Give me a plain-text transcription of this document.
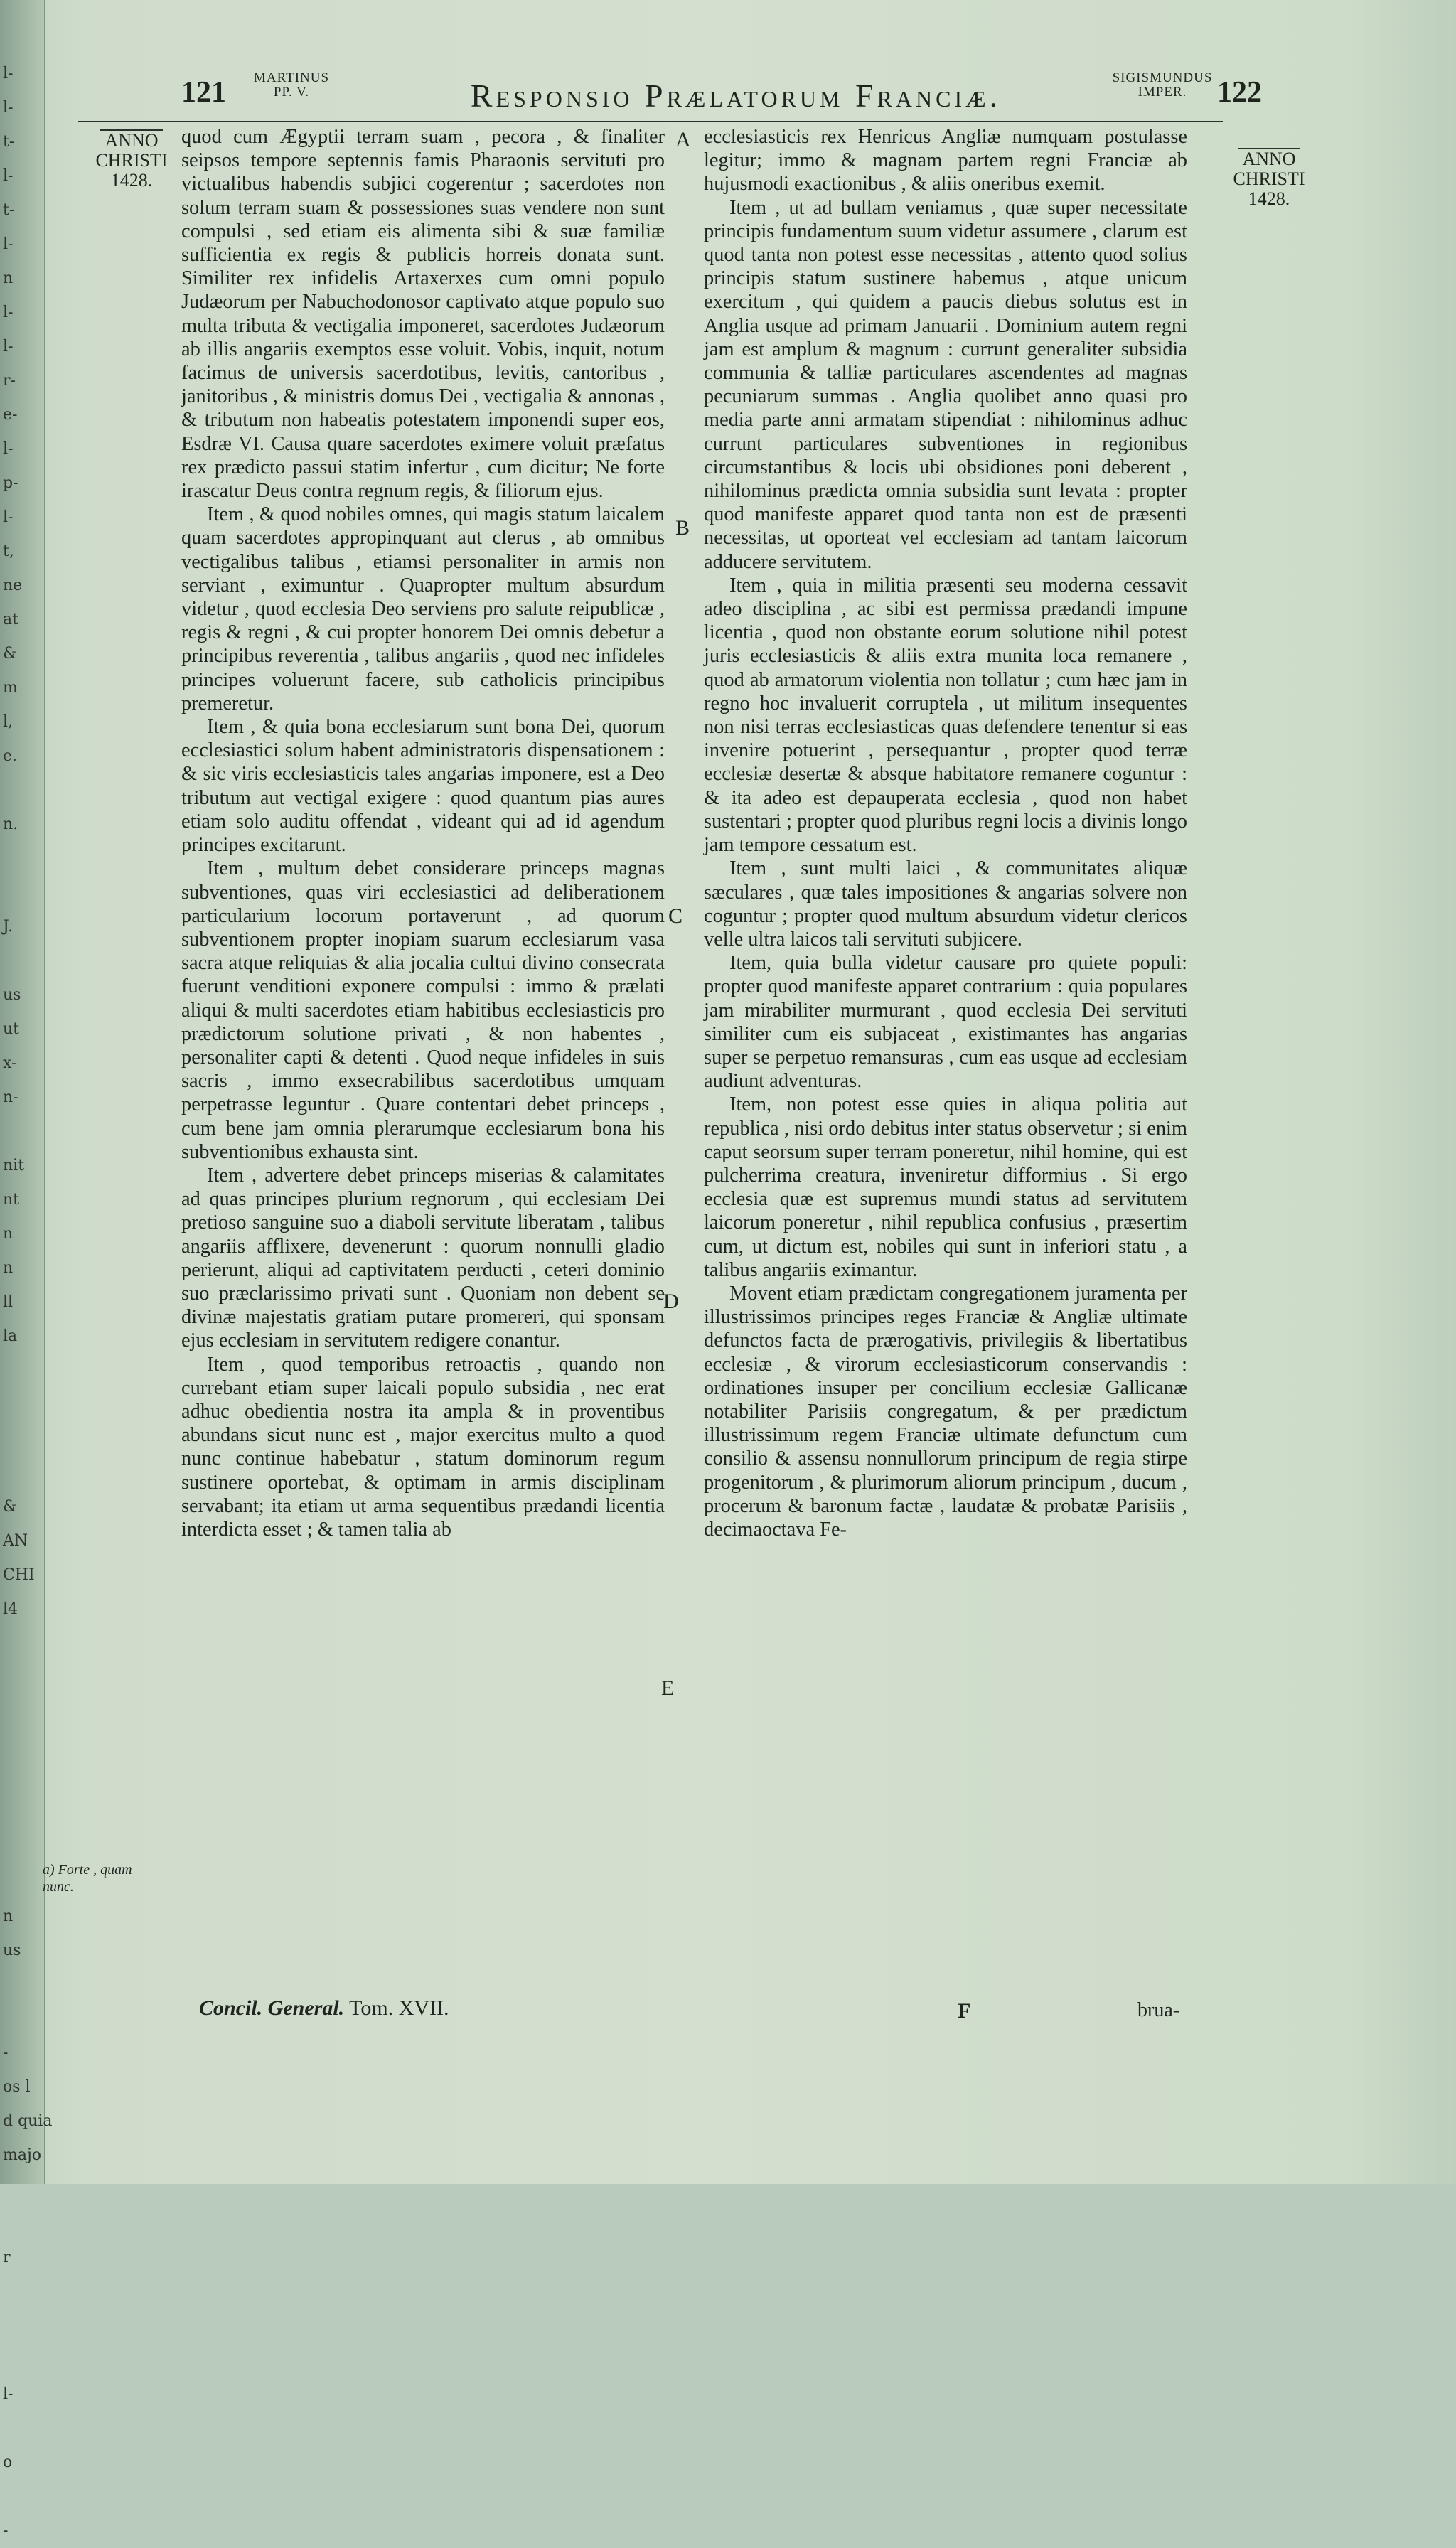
l-
l-
t-
l-
t-
l-
n
l-
l-
r-
e-
l-
p-
l-
t,
ne
at
&
m
l,
e.
n.
J.
us
ut
x-
n-
nit
nt
n
n
ll
la
&
AN
CHI
l4
n
us
-
os l
d quia
majo
r
l-
o
-
121 MARTINUS PP. V.	Responsio Prælatorum Franciæ.	SIGISMUNDUS IMPER.	122
ANNO
CHRISTI
1428.
ANNO
CHRISTI
1428.
a) Forte , quam nunc.
A
B
C
D
E

quod cum Ægyptii terram suam , pecora , & finaliter seipsos tempore septennis famis Pharaonis servituti pro victualibus habendis subjici cogerentur ; sacerdotes non solum terram suam & possessiones suas vendere non sunt compulsi , sed etiam eis alimenta sibi & suæ familiæ sufficientia ex regis & publicis horreis donata sunt. Similiter rex infidelis Artaxerxes cum omni populo Judæorum per Nabuchodonosor captivato atque populo suo multa tributa & vectigalia imponeret, sacerdotes Judæorum ab illis angariis exemptos esse voluit. Vobis, inquit, notum facimus de universis sacerdotibus, levitis, cantoribus , janitoribus , & ministris domus Dei , vectigalia & annonas , & tributum non habeatis potestatem imponendi super eos, Esdræ VI. Causa quare sacerdotes eximere voluit præfatus rex prædicto passui statim infertur , cum dicitur; Ne forte irascatur Deus contra regnum regis, & filiorum ejus.

Item , & quod nobiles omnes, qui magis statum laicalem quam sacerdotes appropinquant aut clerus , ab omnibus vectigalibus talibus , etiamsi personaliter in armis non serviant , eximuntur . Quapropter multum absurdum videtur , quod ecclesia Deo serviens pro salute reipublicæ , regis & regni , & cui propter honorem Dei omnis debetur a principibus reverentia , talibus angariis , quod nec infideles principes voluerunt facere, sub catholicis principibus premeretur.

Item , & quia bona ecclesiarum sunt bona Dei, quorum ecclesiastici solum habent administratoris dispensationem : & sic viris ecclesiasticis tales angarias imponere, est a Deo tributum aut vectigal exigere : quod quantum pias aures etiam solo auditu offendat , videant qui ad id agendum principes excitarunt.

Item , multum debet considerare princeps magnas subventiones, quas viri ecclesiastici ad deliberationem particularium locorum portaverunt , ad quorum subventionem propter inopiam suarum ecclesiarum vasa sacra atque reliquias & alia jocalia cultui divino consecrata fuerunt venditioni exponere compulsi : immo & prælati aliqui & multi sacerdotes etiam habitibus ecclesiasticis pro prædictorum solutione privati , & non habentes , personaliter capti & detenti . Quod neque infideles in suis sacris , immo exsecrabilibus sacerdotibus umquam perpetrasse leguntur . Quare contentari debet princeps , cum bene jam omnia plerarumque ecclesiarum bona his subventionibus exhausta sint.

Item , advertere debet princeps miserias & calamitates ad quas principes plurium regnorum , qui ecclesiam Dei pretioso sanguine suo a diaboli servitute liberatam , talibus angariis afflixere, devenerunt : quorum nonnulli gladio perierunt, aliqui ad captivitatem perducti , ceteri dominio suo præclarissimo privati sunt . Quoniam non debent se divinæ majestatis gratiam putare promereri, qui sponsam ejus ecclesiam in servitutem redigere conantur.

Item , quod temporibus retroactis , quando non currebant etiam super laicali populo subsidia , nec erat adhuc obedientia nostra ita ampla & in proventibus abundans sicut nunc est , major exercitus multo a quod nunc continue habebatur , statum dominorum regum sustinere oportebat, & optimam in armis disciplinam servabant; ita etiam ut arma sequentibus prædandi licentia interdicta esset ; & tamen talia ab

ecclesiasticis rex Henricus Angliæ numquam postulasse legitur; immo & magnam partem regni Franciæ ab hujusmodi exactionibus , & aliis oneribus exemit.

Item , ut ad bullam veniamus , quæ super necessitate principis fundamentum suum videtur assumere , clarum est quod tanta non potest esse necessitas , attento quod solius principis statum sustinere habemus , atque unicum exercitum , qui quidem a paucis diebus solutus est in Anglia usque ad primam Januarii . Dominium autem regni jam est amplum & magnum : currunt generaliter subsidia communia & talliæ particulares ascendentes ad magnas pecuniarum summas . Anglia quolibet anno quasi pro media parte anni armatam stipendiat : nihilominus adhuc currunt particulares subventiones in regionibus circumstantibus & locis ubi obsidiones poni deberent , nihilominus prædicta omnia subsidia sunt levata : propter quod manifeste apparet quod tanta non est de præsenti necessitas, ut oporteat vel ecclesiam ad tantam laicorum adducere servitutem.

Item , quia in militia præsenti seu moderna cessavit adeo disciplina , ac sibi est permissa prædandi impune licentia , quod non obstante eorum solutione nihil potest juris ecclesiasticis & aliis extra munita loca remanere , quod ab armatorum violentia non tollatur ; cum hæc jam in regno hoc invaluerit corruptela , ut militum insequentes non nisi terras ecclesiasticas quas defendere tenentur si eas invenire potuerint , persequantur , propter quod terræ ecclesiæ desertæ & absque habitatore remanere coguntur : & ita adeo est depauperata ecclesia , quod non habet sustentari ; propter quod pluribus regni locis a divinis longo jam tempore cessatum est.

Item , sunt multi laici , & communitates aliquæ sæculares , quæ tales impositiones & angarias solvere non coguntur ; propter quod multum absurdum videtur clericos velle ultra laicos tali servituti subjicere.

Item, quia bulla videtur causare pro quiete populi: propter quod manifeste apparet contrarium : quia populares jam mirabiliter murmurant , quod ecclesia Dei servituti similiter cum eis subjaceat , existimantes has angarias super se perpetuo remansuras , cum eas usque ad ecclesiam audiunt adventuras.

Item, non potest esse quies in aliqua politia aut republica , nisi ordo debitus inter status observetur ; si enim caput seorsum super terram poneretur, nihil homine, qui est pulcherrima creatura, inveniretur difformius . Si ergo ecclesia quæ est supremus mundi status ad servitutem laicorum poneretur , nihil republica confusius , præsertim cum, ut dictum est, nobiles qui sunt in inferiori statu , a talibus angariis eximantur.

Movent etiam prædictam congregationem juramenta per illustrissimos principes reges Franciæ & Angliæ ultimate defunctos facta de prærogativis, privilegiis & libertatibus ecclesiæ , & virorum ecclesiasticorum conservandis : ordinationes insuper per concilium ecclesiæ Gallicanæ notabiliter Parisiis congregatum, & per prædictum illustrissimum regem Franciæ ultimate defunctum cum consilio & assensu nonnullorum principum de regia stirpe progenitorum , & plurimorum aliorum principum , ducum , procerum & baronum factæ , laudatæ & probatæ Parisiis , decimaoctava Fe-

Concil. General. Tom. XVII.	F	brua-
